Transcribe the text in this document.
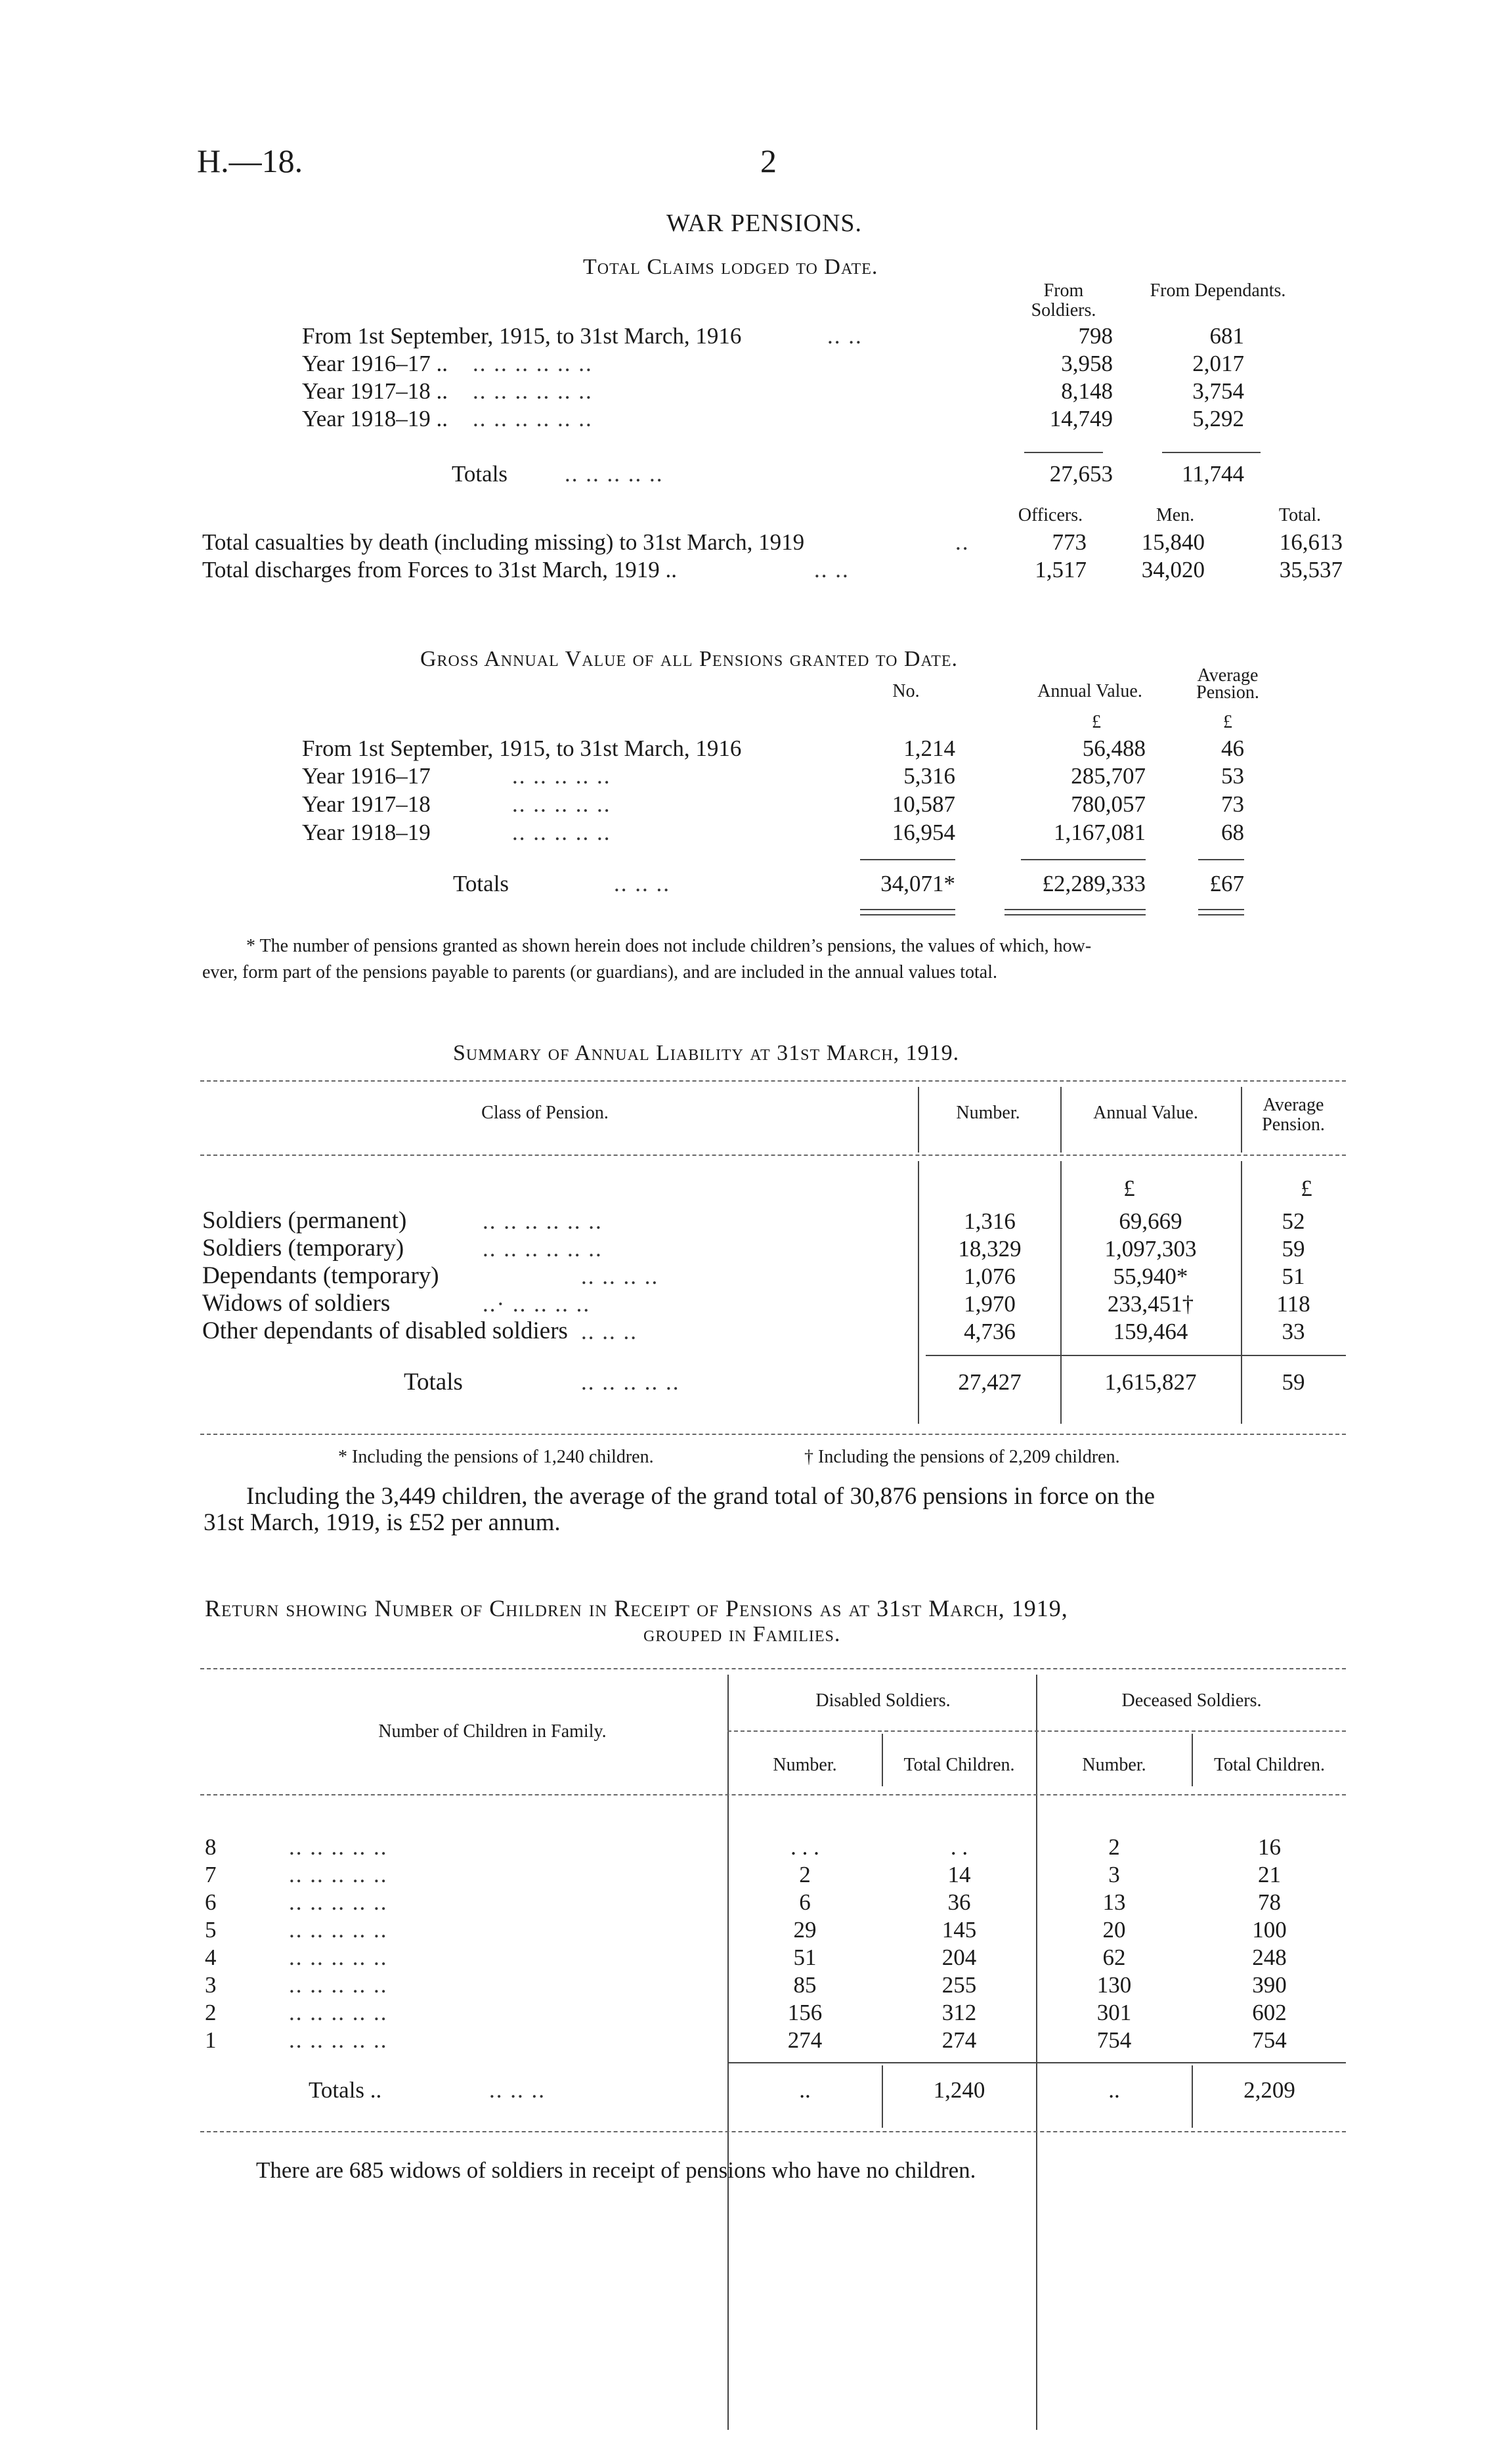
H.—18.	2
WAR PENSIONS.
Total Claims lodged to Date.
From Soldiers.
From Dependants.
From 1st September, 1915, to 31st March, 1916	.. ..	798	681
Year 1916–17 .. .. .. .. .. .. ..	3,958	2,017
Year 1917–18 .. .. .. .. .. .. ..	8,148	3,754
Year 1918–19 .. .. .. .. .. .. ..	14,749	5,292
Totals .. .. .. .. ..	27,653	11,744
Officers.	Men.	Total.
Total casualties by death (including missing) to 31st March, 1919	..	773	15,840	16,613
Total discharges from Forces to 31st March, 1919 ..	.. ..	1,517	34,020	35,537
Gross Annual Value of all Pensions granted to Date.
No.	Annual Value.
Average Pension.
£	£
From 1st September, 1915, to 31st March, 1916	1,214	56,488	46
Year 1916–17	.. .. .. .. ..	5,316	285,707	53
Year 1917–18	.. .. .. .. ..	10,587	780,057	73
Year 1918–19	.. .. .. .. ..	16,954	1,167,081	68
Totals	.. .. ..	34,071*	£2,289,333	£67
* The number of pensions granted as shown herein does not include children’s pensions, the values of which, how-
ever, form part of the pensions payable to parents (or guardians), and are included in the annual values total.
Summary of Annual Liability at 31st March, 1919.
Class of Pension.	Number.	Annual Value.	Average Pension.
£	£
Soldiers (permanent)	.. .. .. .. .. ..	1,316	69,669	52
Soldiers (temporary)	.. .. .. .. .. ..	18,329	1,097,303	59
Dependants (temporary)	.. .. .. ..	1,076	55,940*	51
Widows of soldiers	..· .. .. .. ..	1,970	233,451†	118
Other dependants of disabled soldiers .. .. ..	4,736	159,464	33
Totals	.. .. .. .. ..	27,427	1,615,827	59
* Including the pensions of 1,240 children.	† Including the pensions of 2,209 children.
Including the 3,449 children, the average of the grand total of 30,876 pensions in force on the
31st March, 1919, is £52 per annum.
Return showing Number of Children in Receipt of Pensions as at 31st March, 1919,
grouped in Families.
Number of Children in Family.
Disabled Soldiers.	Deceased Soldiers.
Number.	Total Children.	Number.	Total Children.
8	.. .. .. .. ..	. . .	. .	2	16
7	.. .. .. .. ..	2	14	3	21
6	.. .. .. .. ..	6	36	13	78
5	.. .. .. .. ..	29	145	20	100
4	.. .. .. .. ..	51	204	62	248
3	.. .. .. .. ..	85	255	130	390
2	.. .. .. .. ..	156	312	301	602
1	.. .. .. .. ..	274	274	754	754
Totals ..	.. .. ..	..	1,240	..	2,209
There are 685 widows of soldiers in receipt of pensions who have no children.
